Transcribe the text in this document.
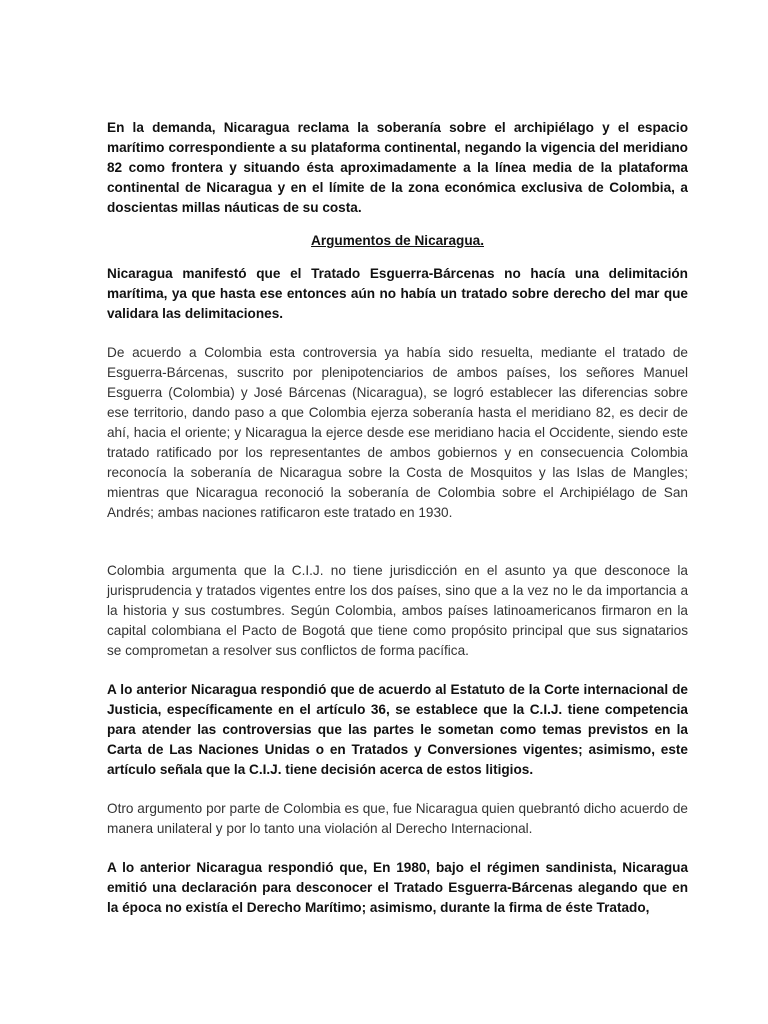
En la demanda, Nicaragua reclama la soberanía sobre el archipiélago y el espacio marítimo correspondiente a su plataforma continental, negando la vigencia del meridiano 82 como frontera y situando ésta aproximadamente a la línea media de la plataforma continental de Nicaragua y en el límite de la zona económica exclusiva de Colombia, a doscientas millas náuticas de su costa.

Argumentos de Nicaragua.

Nicaragua manifestó que el Tratado Esguerra-Bárcenas no hacía una delimitación marítima, ya que hasta ese entonces aún no había un tratado sobre derecho del mar que validara las delimitaciones.

De acuerdo a Colombia esta controversia ya había sido resuelta, mediante el tratado de Esguerra-Bárcenas, suscrito por plenipotenciarios de ambos países, los señores Manuel Esguerra (Colombia) y José Bárcenas (Nicaragua), se logró establecer las diferencias sobre ese territorio, dando paso a que Colombia ejerza soberanía hasta el meridiano 82, es decir de ahí, hacia el oriente; y Nicaragua la ejerce desde ese meridiano hacia el Occidente, siendo este tratado ratificado por los representantes de ambos gobiernos y en consecuencia Colombia reconocía la soberanía de Nicaragua sobre la Costa de Mosquitos y las Islas de Mangles; mientras que Nicaragua reconoció la soberanía de Colombia sobre el Archipiélago de San Andrés; ambas naciones ratificaron este tratado en 1930.

Colombia argumenta que la C.I.J. no tiene jurisdicción en el asunto ya que desconoce la jurisprudencia y tratados vigentes entre los dos países, sino que a la vez no le da importancia a la historia y sus costumbres. Según Colombia, ambos países latinoamericanos firmaron en la capital colombiana el Pacto de Bogotá que tiene como propósito principal que sus signatarios se comprometan a resolver sus conflictos de forma pacífica.

A lo anterior Nicaragua respondió que de acuerdo al Estatuto de la Corte internacional de Justicia, específicamente en el artículo 36, se establece que la C.I.J. tiene competencia para atender las controversias que las partes le sometan como temas previstos en la Carta de Las Naciones Unidas o en Tratados y Conversiones vigentes; asimismo, este artículo señala que la C.I.J. tiene decisión acerca de estos litigios.

Otro argumento por parte de Colombia es que, fue Nicaragua quien quebrantó dicho acuerdo de manera unilateral y por lo tanto una violación al Derecho Internacional.

A lo anterior Nicaragua respondió que, En 1980, bajo el régimen sandinista, Nicaragua emitió una declaración para desconocer el Tratado Esguerra-Bárcenas alegando que en la época no existía el Derecho Marítimo; asimismo, durante la firma de éste Tratado,
